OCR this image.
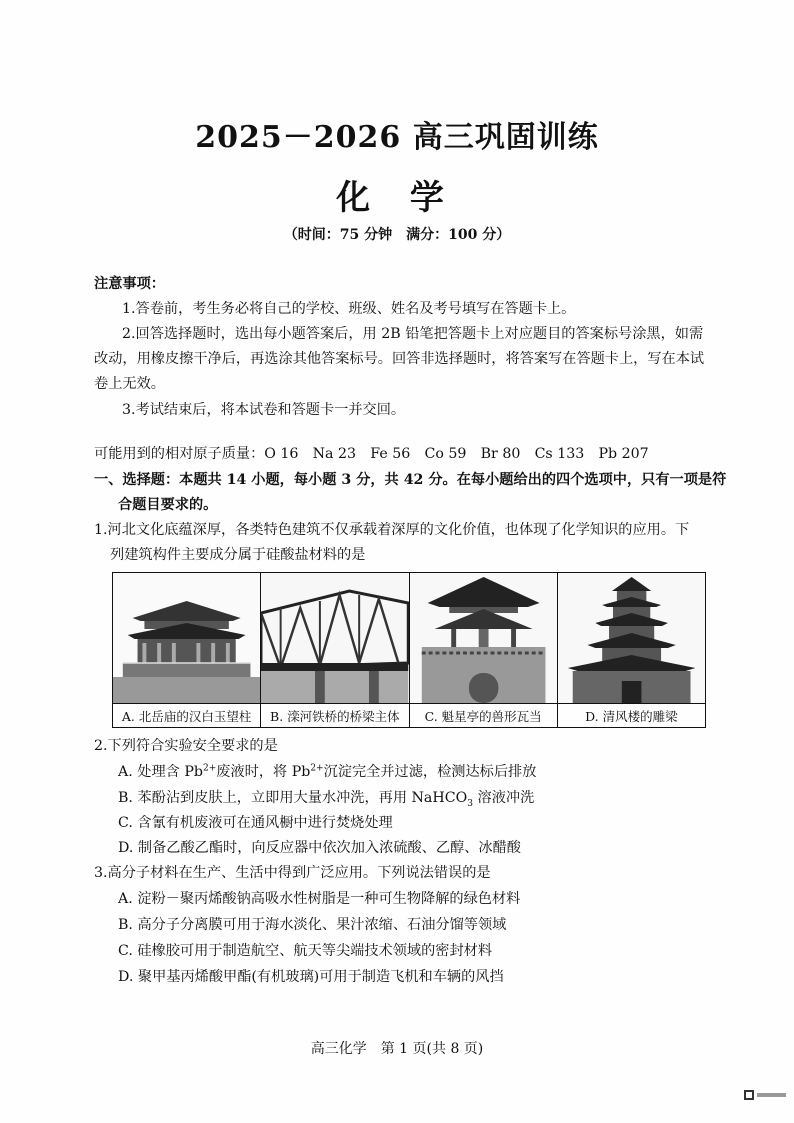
2025－2026 高三巩固训练
化 学
（时间：75 分钟　满分：100 分）
注意事项：
1.答卷前，考生务必将自己的学校、班级、姓名及考号填写在答题卡上。
2.回答选择题时，选出每小题答案后，用 2B 铅笔把答题卡上对应题目的答案标号涂黑，如需
改动，用橡皮擦干净后，再选涂其他答案标号。回答非选择题时，将答案写在答题卡上，写在本试
卷上无效。
3.考试结束后，将本试卷和答题卡一并交回。
可能用到的相对原子质量：O 16　Na 23　Fe 56　Co 59　Br 80　Cs 133　Pb 207
一、选择题：本题共 14 小题，每小题 3 分，共 42 分。在每小题给出的四个选项中，只有一项是符
合题目要求的。
1.河北文化底蕴深厚，各类特色建筑不仅承载着深厚的文化价值，也体现了化学知识的应用。下
列建筑构件主要成分属于硅酸盐材料的是
A. 北岳庙的汉白玉望柱	B. 滦河铁桥的桥梁主体	C. 魁星亭的兽形瓦当	D. 清风楼的雕梁
2.下列符合实验安全要求的是
A. 处理含 $Pb^{2+}$废液时，将 $Pb^{2+}$沉淀完全并过滤，检测达标后排放
B. 苯酚沾到皮肤上，立即用大量水冲洗，再用 NaHCO$_3$ 溶液冲洗
C. 含氰有机废液可在通风橱中进行焚烧处理
D. 制备乙酸乙酯时，向反应器中依次加入浓硫酸、乙醇、冰醋酸
3.高分子材料在生产、生活中得到广泛应用。下列说法错误的是
A. 淀粉－聚丙烯酸钠高吸水性树脂是一种可生物降解的绿色材料
B. 高分子分离膜可用于海水淡化、果汁浓缩、石油分馏等领域
C. 硅橡胶可用于制造航空、航天等尖端技术领域的密封材料
D. 聚甲基丙烯酸甲酯(有机玻璃)可用于制造飞机和车辆的风挡
高三化学　第 1 页(共 8 页)
